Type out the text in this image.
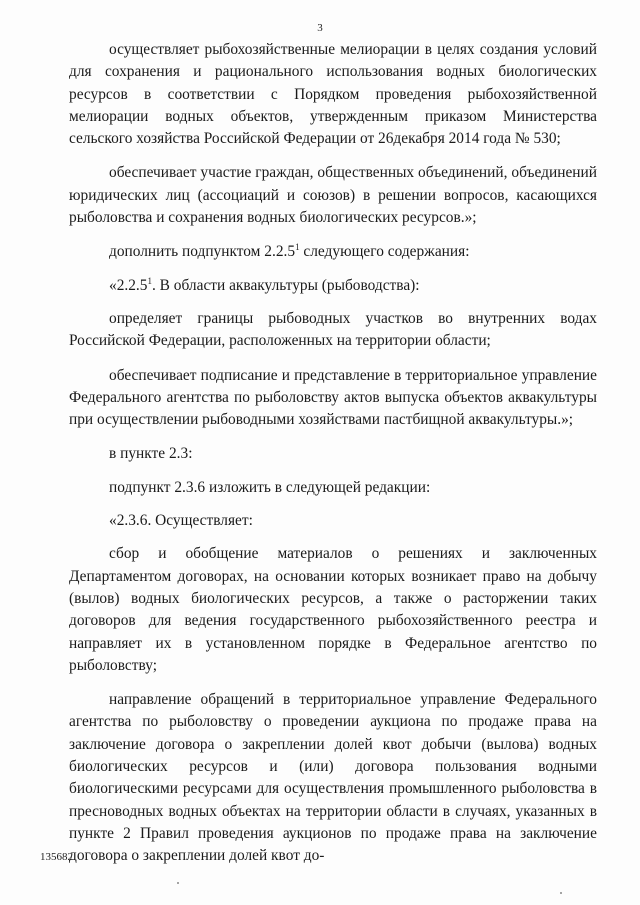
3

осуществляет рыбохозяйственные мелиорации в целях создания условий для сохранения и рационального использования водных биологических ресурсов в соответствии с Порядком проведения рыбохозяйственной мелиорации водных объектов, утвержденным приказом Министерства сельского хозяйства Российской Федерации от 26декабря 2014 года № 530;

обеспечивает участие граждан, общественных объединений, объединений юридических лиц (ассоциаций и союзов) в решении вопросов, касающихся рыболовства и сохранения водных биологических ресурсов.»;

дополнить подпунктом 2.2.5$^1$ следующего содержания:

«2.2.5$^1$. В области аквакультуры (рыбоводства):

определяет границы рыбоводных участков во внутренних водах Российской Федерации, расположенных на территории области;

обеспечивает подписание и представление в территориальное управление Федерального агентства по рыболовству актов выпуска объектов аквакультуры при осуществлении рыбоводными хозяйствами пастбищной аквакультуры.»;

в пункте 2.3:

подпункт 2.3.6 изложить в следующей редакции:

«2.3.6. Осуществляет:

сбор и обобщение материалов о решениях и заключенных Департаментом договорах, на основании которых возникает право на добычу (вылов) водных биологических ресурсов, а также о расторжении таких договоров для ведения государственного рыбохозяйственного реестра и направляет их в установленном порядке в Федеральное агентство по рыболовству;

направление обращений в территориальное управление Федерального агентства по рыболовству о проведении аукциона по продаже права на заключение договора о закреплении долей квот добычи (вылова) водных биологических ресурсов и (или) договора пользования водными биологическими ресурсами для осуществления промышленного рыболовства в пресноводных водных объектах на территории области в случаях, указанных в пункте 2 Правил проведения аукционов по продаже права на заключение договора о закреплении долей квот до-

135682
